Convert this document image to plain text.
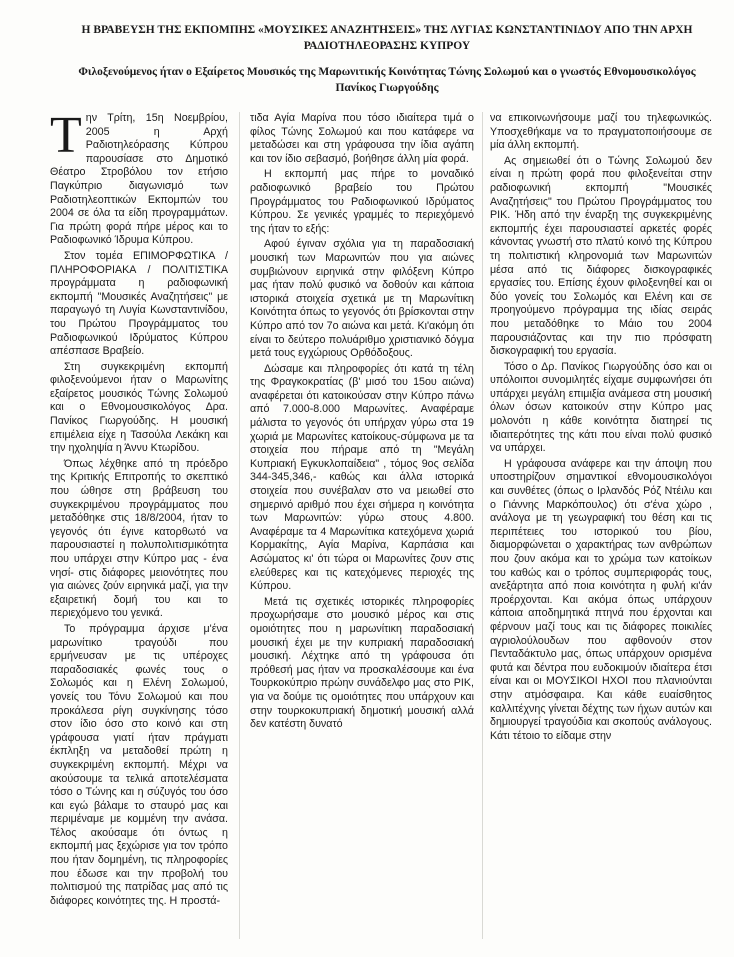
Η ΒΡΑΒΕΥΣΗ ΤΗΣ ΕΚΠΟΜΠΗΣ «ΜΟΥΣΙΚΕΣ ΑΝΑΖΗΤΗΣΕΙΣ» ΤΗΣ ΛΥΓΙΑΣ ΚΩΝΣΤΑΝΤΙΝΙΔΟΥ ΑΠΟ ΤΗΝ ΑΡΧΗ ΡΑΔΙΟΤΗΛΕΟΡΑΣΗΣ ΚΥΠΡΟΥ
Φιλοξενούμενος ήταν ο Εξαίρετος Μουσικός της Μαρωνιτικής Κοινότητας Τώνης Σολωμού και ο γνωστός Εθνομουσικολόγος Πανίκος Γιωργούδης

Την Τρίτη, 15η Νοεμβρίου, 2005 η Αρχή Ραδιοτηλεόρασης Κύπρου παρουσίασε στο Δημοτικό Θέατρο Στροβόλου τον ετήσιο Παγκύπριο διαγωνισμό των Ραδιοτηλεοπτικών Εκπομπών του 2004 σε όλα τα είδη προγραμμάτων. Για πρώτη φορά πήρε μέρος και το Ραδιοφωνικό Ίδρυμα Κύπρου.

Στον τομέα ΕΠΙΜΟΡΦΩΤΙΚΑ / ΠΛΗΡΟΦΟΡΙΑΚΑ / ΠΟΛΙΤΙΣΤΙΚΑ προγράμματα η ραδιοφωνική εκπομπή "Μουσικές Αναζητήσεις" με παραγωγό τη Λυγία Κωνσταντινίδου, του Πρώτου Προγράμματος του Ραδιοφωνικού Ιδρύματος Κύπρου απέσπασε Βραβείο.

Στη συγκεκριμένη εκπομπή φιλοξενούμενοι ήταν ο Μαρωνίτης εξαίρετος μουσικός Τώνης Σολωμού και ο Εθνομουσικολόγος Δρα. Πανίκος Γιωργούδης. Η μουσική επιμέλεια είχε η Τασούλα Λεκάκη και την ηχοληψία η Άννυ Κτωρίδου.

Όπως λέχθηκε από τη πρόεδρο της Κριτικής Επιτροπής το σκεπτικό που ώθησε στη βράβευση του συγκεκριμένου προγράμματος που μεταδόθηκε στις 18/8/2004, ήταν το γεγονός ότι έγινε κατορθωτό να παρουσιαστεί η πολυπολιτισμικότητα που υπάρχει στην Κύπρο μας - ένα νησί- στις διάφορες μειονότητες που για αιώνες ζούν ειρηνικά μαζί, για την εξαιρετική δομή του και το περιεχόμενο του γενικά.

Το πρόγραμμα άρχισε μ'ένα μαρωνίτικο τραγούδι που ερμήνευσαν με τις υπέροχες παραδοσιακές φωνές τους ο Σολωμός και η Ελένη Σολωμού, γονείς του Τόνυ Σολωμού και που προκάλεσα ρίγη συγκίνησης τόσο στον ίδιο όσο στο κοινό και στη γράφουσα γιατί ήταν πράγματι έκπληξη να μεταδοθεί πρώτη η συγκεκριμένη εκπομπή. Μέχρι να ακούσουμε τα τελικά αποτελέσματα τόσο ο Τώνης και η σύζυγός του όσο και εγώ βάλαμε το σταυρό μας και περιμέναμε με κομμένη την ανάσα. Τέλος ακούσαμε ότι όντως η εκπομπή μας ξεχώρισε για τον τρόπο που ήταν δομημένη, τις πληροφορίες που έδωσε και την προβολή του πολιτισμού της πατρίδας μας από τις διάφορες κοινότητες της. Η προστά-

τιδα Αγία Μαρίνα που τόσο ιδιαίτερα τιμά ο φίλος Τώνης Σολωμού και που κατάφερε να μεταδώσει και στη γράφουσα την ίδια αγάπη και τον ίδιο σεβασμό, βοήθησε άλλη μία φορά.

Η εκπομπή μας πήρε το μοναδικό ραδιοφωνικό βραβείο του Πρώτου Προγράμματος του Ραδιοφωνικού Ιδρύματος Κύπρου. Σε γενικές γραμμές το περιεχόμενό της ήταν το εξής:

Αφού έγιναν σχόλια για τη παραδοσιακή μουσική των Μαρωνιτών που για αιώνες συμβιώνουν ειρηνικά στην φιλόξενη Κύπρο μας ήταν πολύ φυσικό να δοθούν και κάποια ιστορικά στοιχεία σχετικά με τη Μαρωνίτικη Κοινότητα όπως το γεγονός ότι βρίσκονται στην Κύπρο από τον 7ο αιώνα και μετά. Κι'ακόμη ότι είναι το δεύτερο πολυάριθμο χριστιανικό δόγμα μετά τους εγχώριους Ορθόδοξους.

Δώσαμε και πληροφορίες ότι κατά τη τέλη της Φραγκοκρατίας (β' μισό του 15ου αιώνα) αναφέρεται ότι κατοικούσαν στην Κύπρο πάνω από 7.000-8.000 Μαρωνίτες. Αναφέραμε μάλιστα το γεγονός ότι υπήρχαν γύρω στα 19 χωριά με Μαρωνίτες κατοίκους-σύμφωνα με τα στοιχεία που πήραμε από τη "Μεγάλη Κυπριακή Εγκυκλοπαίδεια" , τόμος 9ος σελίδα 344-345,346,- καθώς και άλλα ιστορικά στοιχεία που συνέβαλαν στο να μειωθεί στο σημερινό αριθμό που έχει σήμερα η κοινότητα των Μαρωνιτών: γύρω στους 4.800. Αναφέραμε τα 4 Μαρωνίτικα κατεχόμενα χωριά Κορμακίτης, Αγία Μαρίνα, Καρπάσια και Ασώματος κι' ότι τώρα οι Μαρωνίτες ζουν στις ελεύθερες και τις κατεχόμενες περιοχές της Κύπρου.

Μετά τις σχετικές ιστορικές πληροφορίες προχωρήσαμε στο μουσικό μέρος και στις ομοιότητες που η μαρωνίτικη παραδοσιακή μουσική έχει με την κυπριακή παραδοσιακή μουσική. Λέχτηκε από τη γράφουσα ότι πρόθεσή μας ήταν να προσκαλέσουμε και ένα Τουρκοκύπριο πρώην συνάδελφο μας στο ΡΙΚ, για να δούμε τις ομοιότητες που υπάρχουν και στην τουρκοκυπριακή δημοτική μουσική αλλά δεν κατέστη δυνατό

να επικοινωνήσουμε μαζί του τηλεφωνικώς. Υποσχεθήκαμε να το πραγματοποιήσουμε σε μία άλλη εκπομπή.

Ας σημειωθεί ότι ο Τώνης Σολωμού δεν είναι η πρώτη φορά που φιλοξενείται στην ραδιοφωνική εκπομπή "Μουσικές Αναζητήσεις" του Πρώτου Προγράμματος του ΡΙΚ. Ήδη από την έναρξη της συγκεκριμένης εκπομπής έχει παρουσιαστεί αρκετές φορές κάνοντας γνωστή στο πλατύ κοινό της Κύπρου τη πολιτιστική κληρονομιά των Μαρωνιτών μέσα από τις διάφορες δισκογραφικές εργασίες του. Επίσης έχουν φιλοξενηθεί και οι δύο γονείς του Σολωμός και Ελένη και σε προηγούμενο πρόγραμμα της ιδίας σειράς που μεταδόθηκε το Μάιο του 2004 παρουσιάζοντας και την πιο πρόσφατη δισκογραφική του εργασία.

Τόσο ο Δρ. Πανίκος Γιωργούδης όσο και οι υπόλοιποι συνομιλητές είχαμε συμφωνήσει ότι υπάρχει μεγάλη επιμιξία ανάμεσα στη μουσική όλων όσων κατοικούν στην Κύπρο μας μολονότι η κάθε κοινότητα διατηρεί τις ιδιαιτερότητες της κάτι που είναι πολύ φυσικό να υπάρχει.

Η γράφουσα ανάφερε και την άποψη που υποστηρίζουν σημαντικοί εθνομουσικολόγοι και συνθέτες (όπως ο Ιρλανδός Ρόζ Ντέιλυ και ο Γιάννης Μαρκόπουλος) ότι σ'ένα χώρο , ανάλογα με τη γεωγραφική του θέση και τις περιπέτειες του ιστορικού του βίου, διαμορφώνεται ο χαρακτήρας των ανθρώπων που ζουν ακόμα και το χρώμα των κατοίκων του καθώς και ο τρόπος συμπεριφοράς τους, ανεξάρτητα από ποια κοινότητα η φυλή κι'άν προέρχονται. Και ακόμα όπως υπάρχουν κάποια αποδημητικά πτηνά που έρχονται και φέρνουν μαζί τους και τις διάφορες ποικιλίες αγριολούλουδων που αφθονούν στον Πενταδάκτυλο μας, όπως υπάρχουν ορισμένα φυτά και δέντρα που ευδοκιμούν ιδιαίτερα έτσι είναι και οι ΜΟΥΣΙΚΟΙ ΗΧΟΙ που πλανιούνται στην ατμόσφαιρα. Και κάθε ευαίσθητος καλλιτέχνης γίνεται δέχτης των ήχων αυτών και δημιουργεί τραγούδια και σκοπούς ανάλογους. Κάτι τέτοιο το είδαμε στην
